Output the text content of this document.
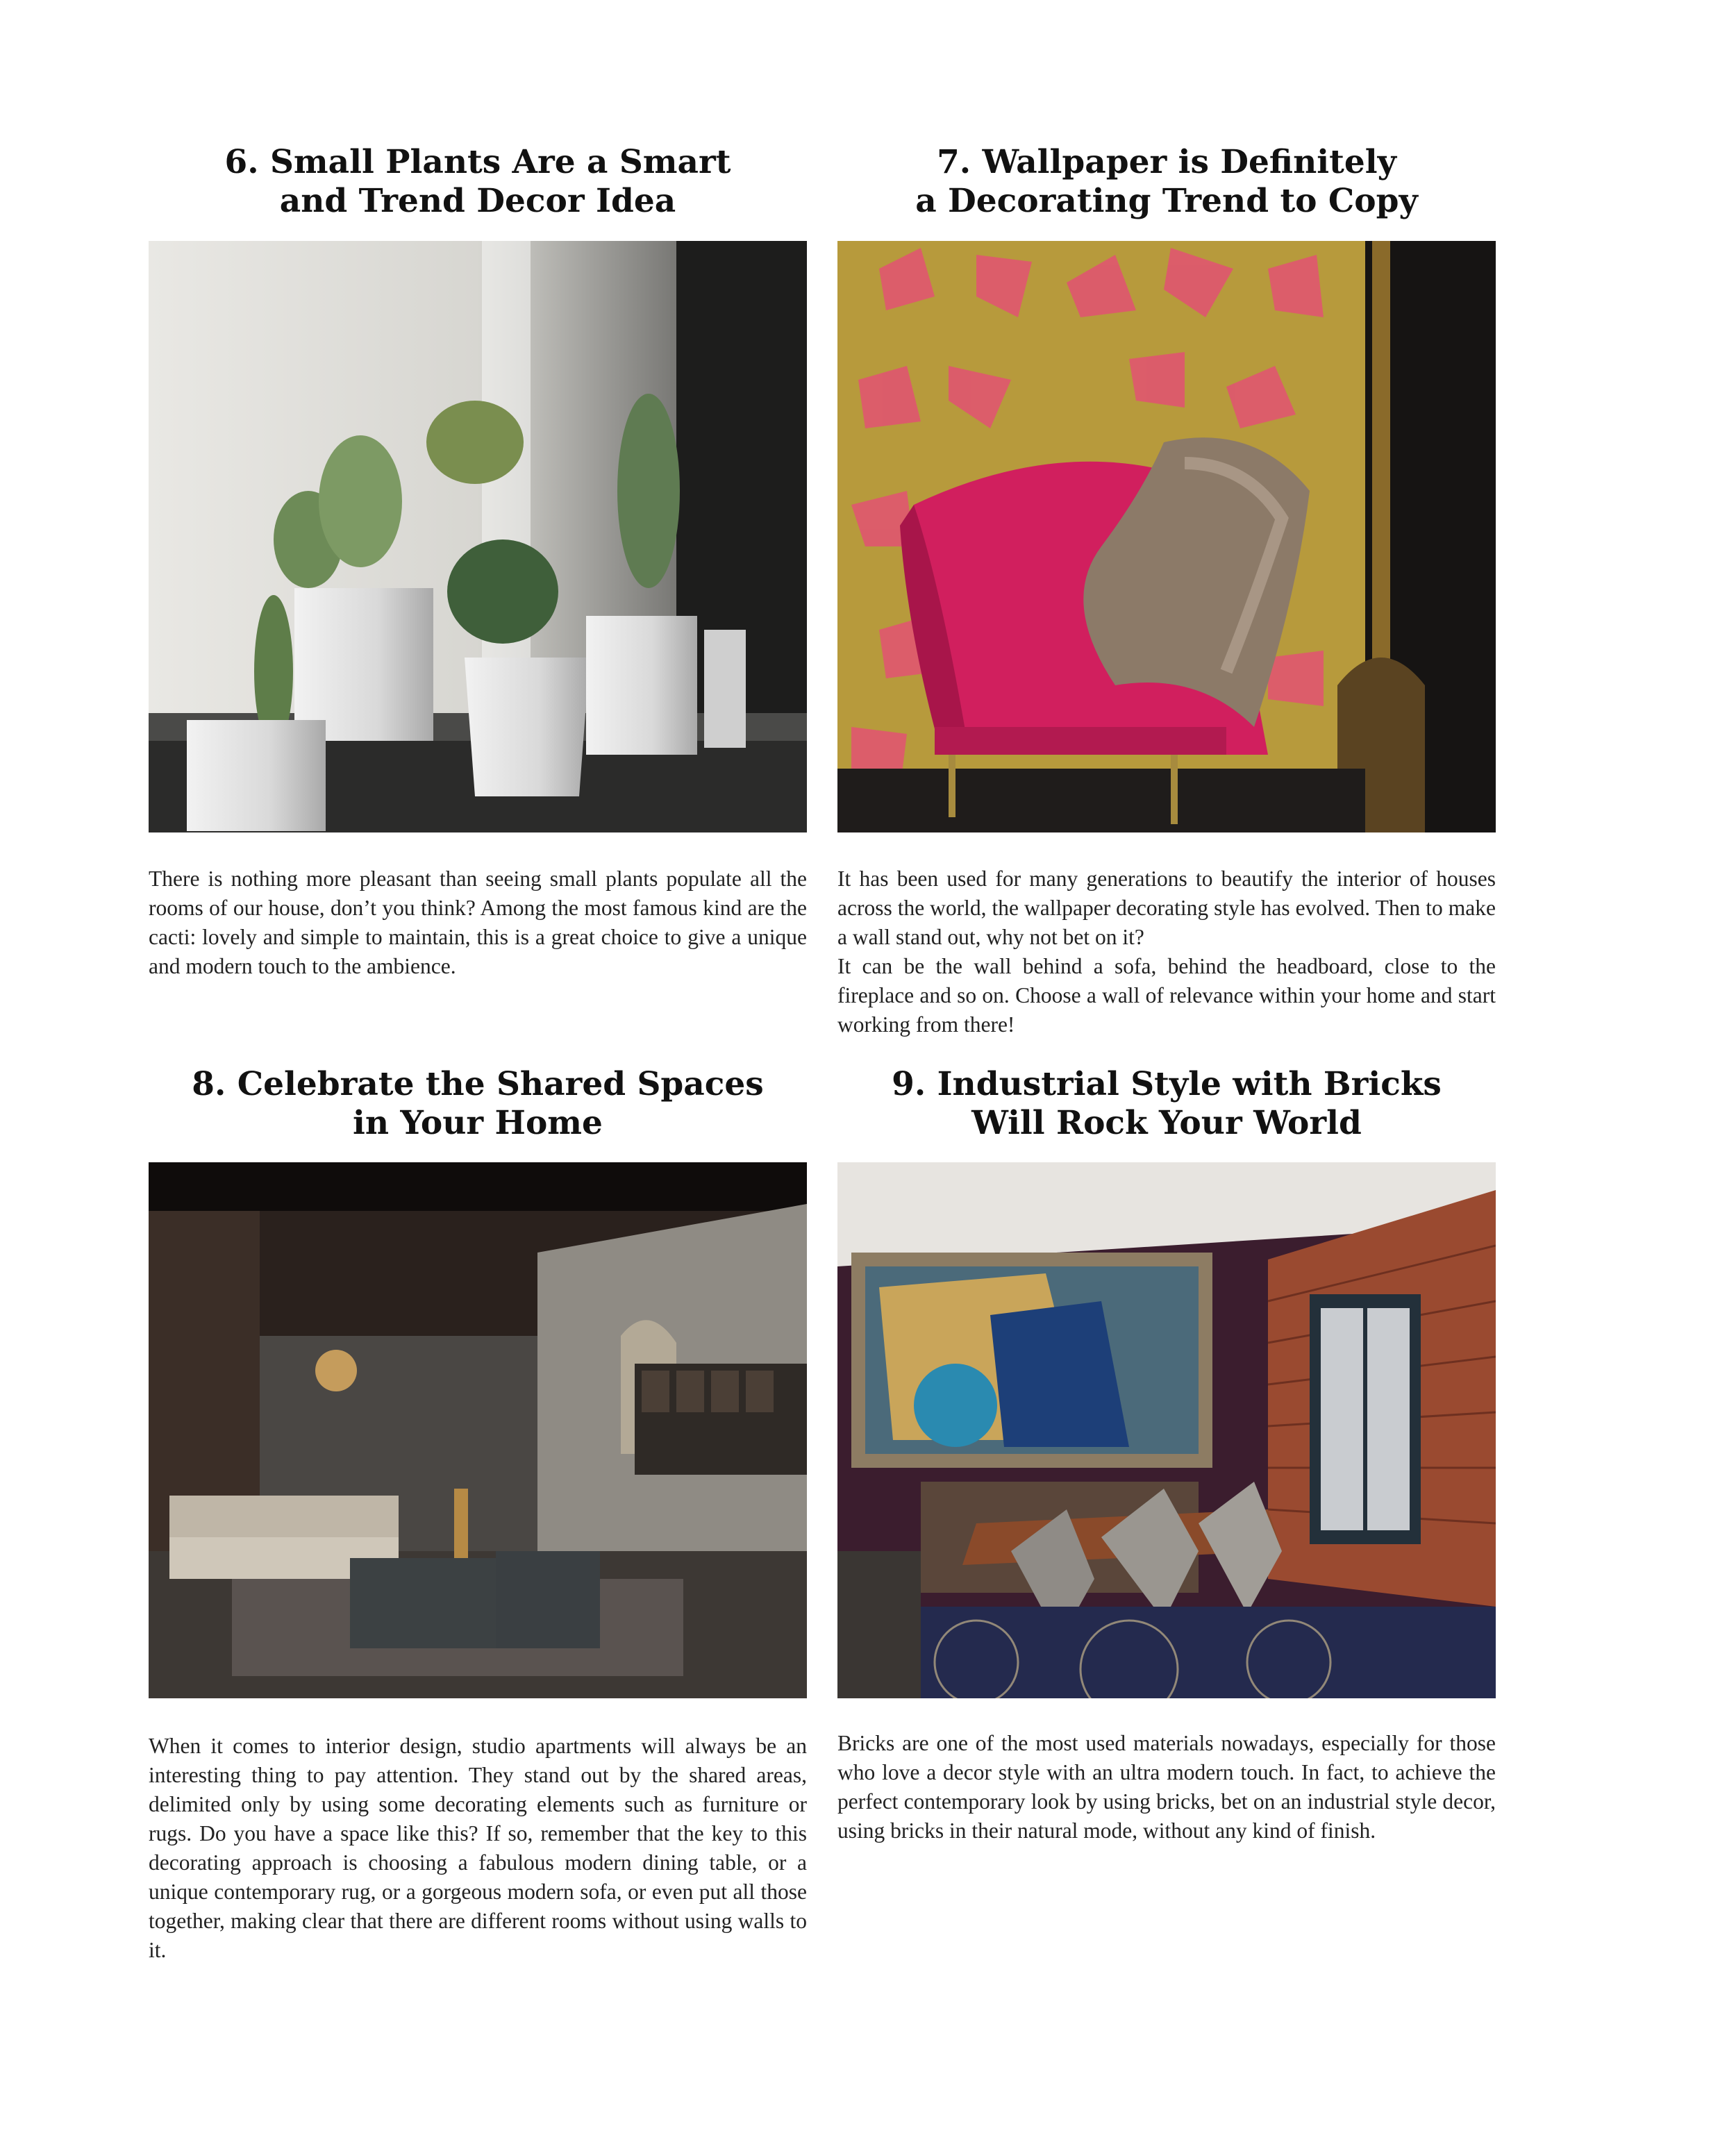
6. Small Plants Are a Smart
and Trend Decor Idea

There is nothing more pleasant than seeing small plants populate all the rooms of our house, don’t you think? Among the most famous kind are the cacti: lovely and simple to maintain, this is a great choice to give a unique and modern touch to the ambience.

7. Wallpaper is Definitely
a Decorating Trend to Copy

It has been used for many generations to beautify the interior of houses across the world, the wallpaper decorating style has evolved. Then to make a wall stand out, why not bet on it?

It can be the wall behind a sofa, behind the headboard, close to the fireplace and so on. Choose a wall of relevance within your home and start working from there!

8. Celebrate the Shared Spaces
in Your Home

When it comes to interior design, studio apartments will always be an interesting thing to pay attention. They stand out by the shared areas, delimited only by using some decorating elements such as furniture or rugs. Do you have a space like this? If so, remember that the key to this decorating approach is choosing a fabulous modern dining table, or a unique contemporary rug, or a gorgeous modern sofa, or even put all those together, making clear that there are different rooms without using walls to it.

9. Industrial Style with Bricks
Will Rock Your World

Bricks are one of the most used materials nowadays, especially for those who love a decor style with an ultra modern touch. In fact, to achieve the perfect contemporary look by using bricks, bet on an industrial style decor, using bricks in their natural mode, without any kind of finish.
